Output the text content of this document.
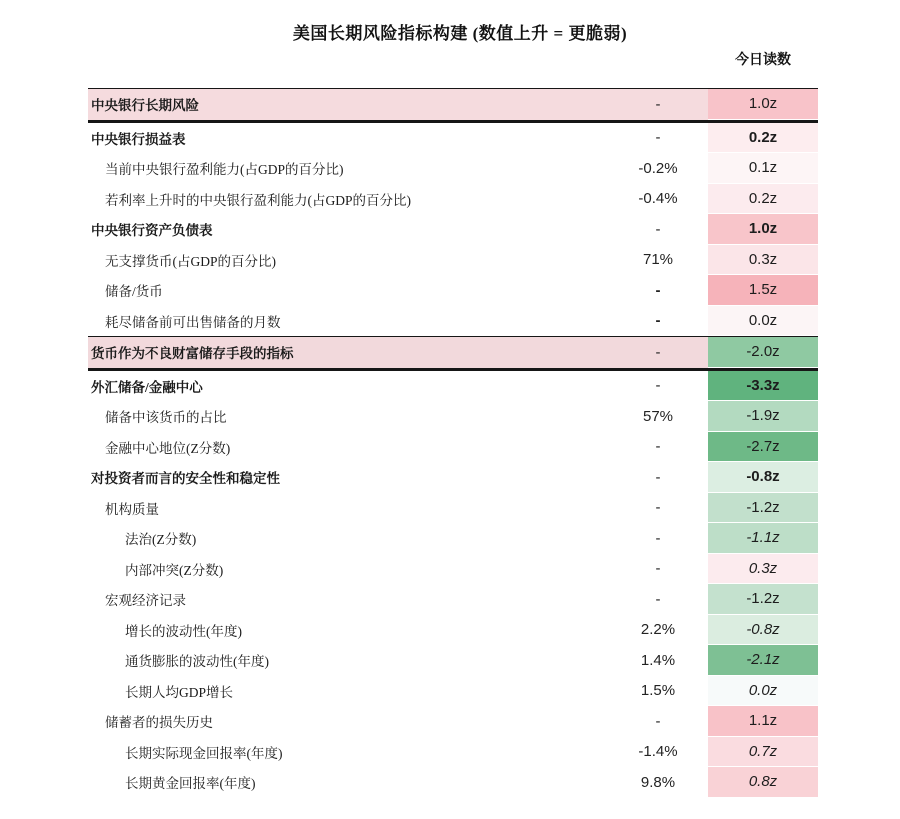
美国长期风险指标构建 (数值上升 = 更脆弱)
今日读数
中央银行长期风险	-	1.0z
中央银行损益表	-	0.2z
当前中央银行盈利能力(占GDP的百分比)	-0.2%	0.1z
若利率上升时的中央银行盈利能力(占GDP的百分比)	-0.4%	0.2z
中央银行资产负债表	-	1.0z
无支撑货币(占GDP的百分比)	71%	0.3z
储备/货币	-	1.5z
耗尽储备前可出售储备的月数	-	0.0z
货币作为不良财富储存手段的指标	-	-2.0z
外汇储备/金融中心	-	-3.3z
储备中该货币的占比	57%	-1.9z
金融中心地位(Z分数)	-	-2.7z
对投资者而言的安全性和稳定性	-	-0.8z
机构质量	-	-1.2z
法治(Z分数)	-	-1.1z
内部冲突(Z分数)	-	0.3z
宏观经济记录	-	-1.2z
增长的波动性(年度)	2.2%	-0.8z
通货膨胀的波动性(年度)	1.4%	-2.1z
长期人均GDP增长	1.5%	0.0z
储蓄者的损失历史	-	1.1z
长期实际现金回报率(年度)	-1.4%	0.7z
长期黄金回报率(年度)	9.8%	0.8z
